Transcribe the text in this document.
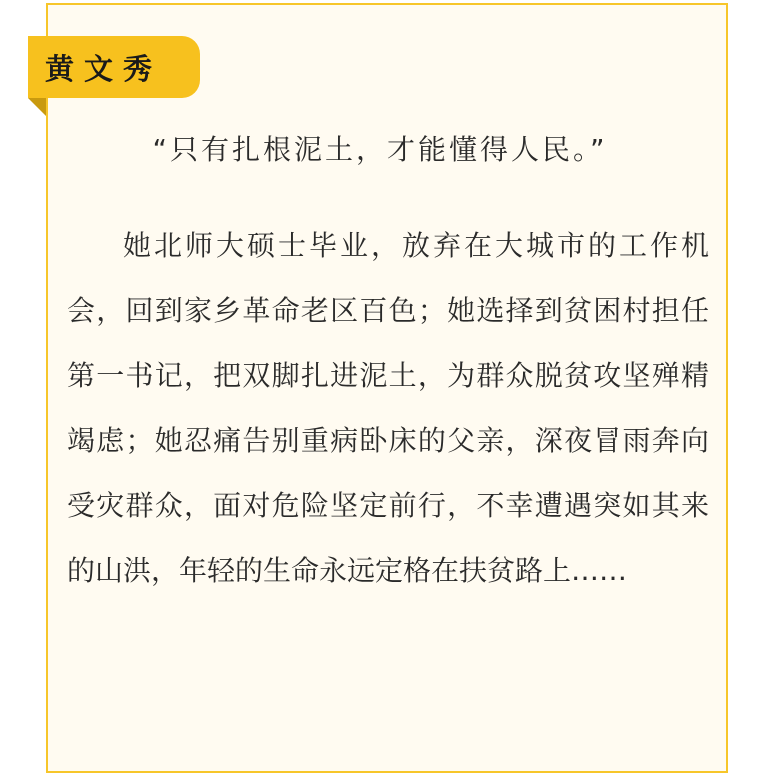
黄文秀
“只有扎根泥土，才能懂得人民。”

她北师大硕士毕业，放弃在大城市的工作机会，回到家乡革命老区百色；她选择到贫困村担任第一书记，把双脚扎进泥土，为群众脱贫攻坚殚精竭虑；她忍痛告别重病卧床的父亲，深夜冒雨奔向受灾群众，面对危险坚定前行，不幸遭遇突如其来的山洪，年轻的生命永远定格在扶贫路上……
